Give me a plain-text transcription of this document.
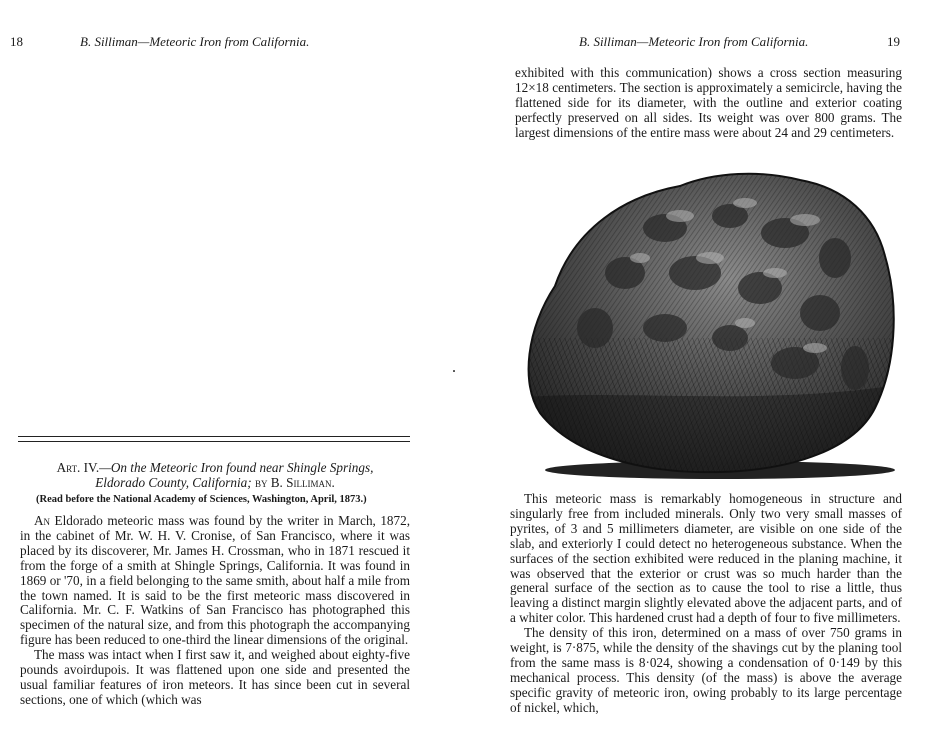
18	B. Silliman—Meteoric Iron from California.
Art. IV.—On the Meteoric Iron found near Shingle Springs,
Eldorado County, California; by B. Silliman.
(Read before the National Academy of Sciences, Washington, April, 1873.)

An Eldorado meteoric mass was found by the writer in March, 1872, in the cabinet of Mr. W. H. V. Cronise, of San Francisco, where it was placed by its discoverer, Mr. James H. Crossman, who in 1871 rescued it from the forge of a smith at Shingle Springs, California. It was found in 1869 or '70, in a field belonging to the same smith, about half a mile from the town named. It is said to be the first meteoric mass discovered in California. Mr. C. F. Watkins of San Francisco has photographed this specimen of the natural size, and from this photograph the accompanying figure has been reduced to one-third the linear dimensions of the original.

The mass was intact when I first saw it, and weighed about eighty-five pounds avoirdupois. It was flattened upon one side and presented the usual familiar features of iron meteors. It has since been cut in several sections, one of which (which was

B. Silliman—Meteoric Iron from California.	19

exhibited with this communication) shows a cross section measuring 12×18 centimeters. The section is approximately a semicircle, having the flattened side for its diameter, with the outline and exterior coating perfectly preserved on all sides. Its weight was over 800 grams. The largest dimensions of the entire mass were about 24 and 29 centimeters.

This meteoric mass is remarkably homogeneous in structure and singularly free from included minerals. Only two very small masses of pyrites, of 3 and 5 millimeters diameter, are visible on one side of the slab, and exteriorly I could detect no heterogeneous substance. When the surfaces of the section exhibited were reduced in the planing machine, it was observed that the exterior or crust was so much harder than the general surface of the section as to cause the tool to rise a little, thus leaving a distinct margin slightly elevated above the adjacent parts, and of a whiter color. This hardened crust had a depth of four to five millimeters.

The density of this iron, determined on a mass of over 750 grams in weight, is 7·875, while the density of the shavings cut by the planing tool from the same mass is 8·024, showing a condensation of 0·149 by this mechanical process. This density (of the mass) is above the average specific gravity of meteoric iron, owing probably to its large percentage of nickel, which,
